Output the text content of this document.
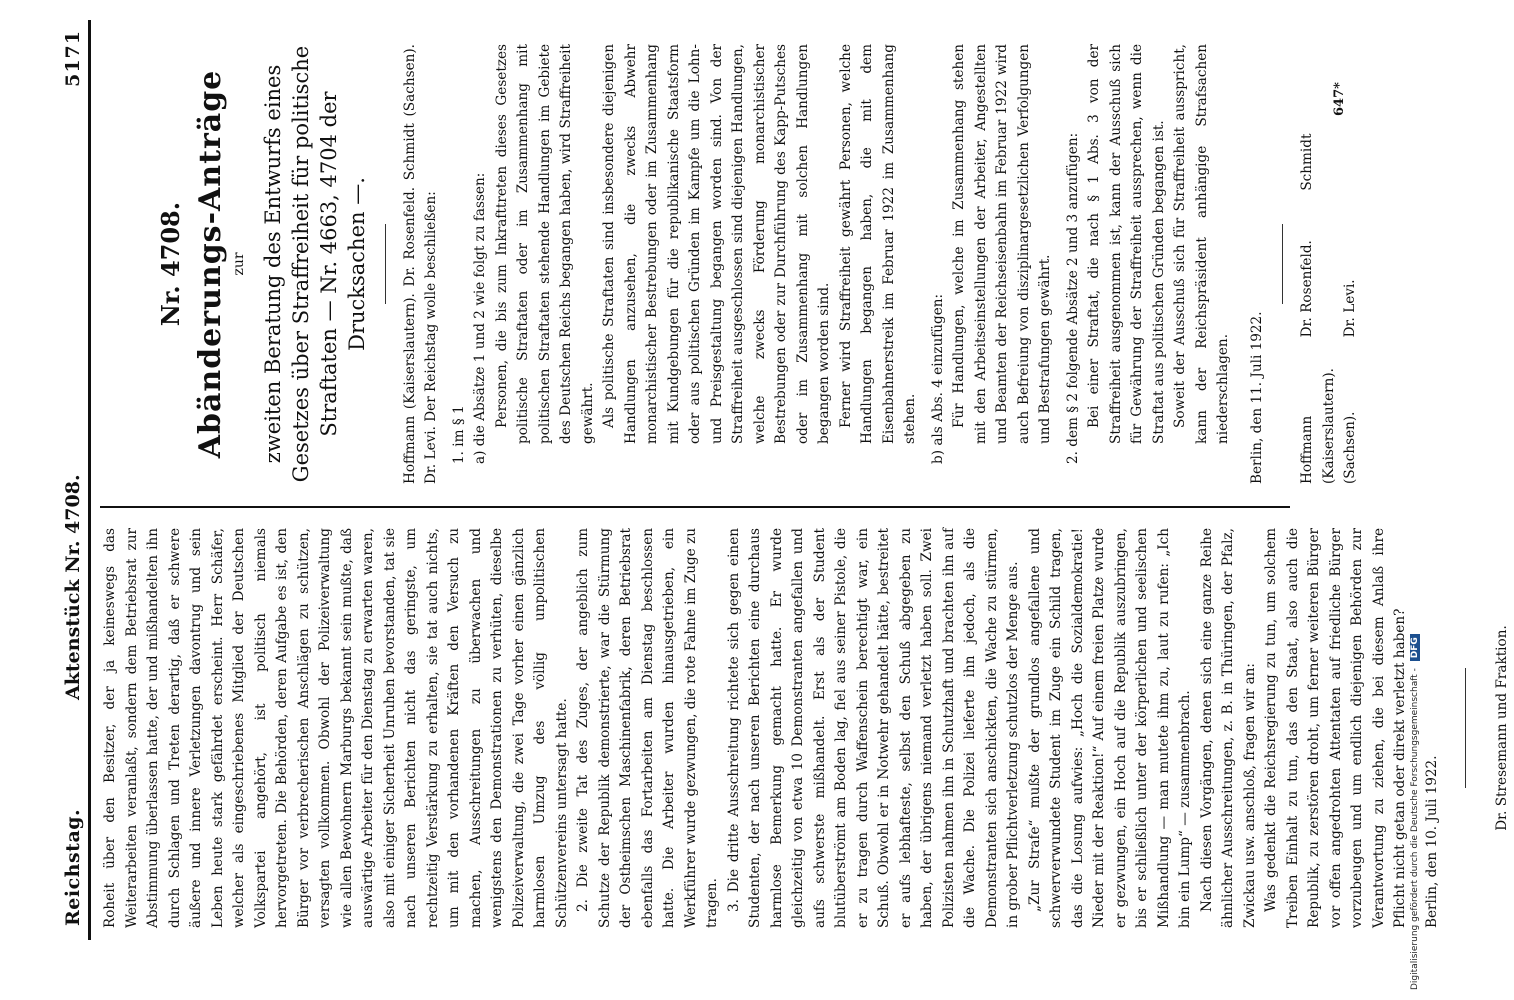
Reichstag.
Aktenstück Nr. 4708.
5171

Roheit über den Besitzer, der ja keineswegs das Weiterarbeiten veranlaßt, sondern dem Betriebsrat zur Abstimmung überlassen hatte, der und mißhandelten ihn durch Schlagen und Treten derartig, daß er schwere äußere und innere Verletzungen davontrug und sein Leben heute stark gefährdet erscheint. Herr Schäfer, welcher als eingeschriebenes Mitglied der Deutschen Volkspartei angehört, ist politisch niemals hervorgetreten. Die Behörden, deren Aufgabe es ist, den Bürger vor verbrecherischen Anschlägen zu schützen, versagten vollkommen. Obwohl der Polizeiverwaltung wie allen Bewohnern Marburgs bekannt sein mußte, daß auswärtige Arbeiter für den Dienstag zu erwarten waren, also mit einiger Sicherheit Unruhen bevorstanden, tat sie nach unseren Berichten nicht das geringste, um rechtzeitig Verstärkung zu erhalten, sie tat auch nichts, um mit den vorhandenen Kräften den Versuch zu machen, Ausschreitungen zu überwachen und wenigstens den Demonstrationen zu verhüten, dieselbe Polizeiverwaltung, die zwei Tage vorher einen gänzlich harmlosen Umzug des völlig unpolitischen Schützenvereins untersagt hatte. 2. Die zweite Tat des Zuges, der angeblich zum Schutze der Republik demonstrierte, war die Stürmung der Ostheimschen Maschinenfabrik, deren Betriebsrat ebenfalls das Fortarbeiten am Dienstag beschlossen hatte. Die Arbeiter wurden hinausgetrieben, ein Werkführer wurde gezwungen, die rote Fahne im Zuge zu tragen. 3. Die dritte Ausschreitung richtete sich gegen einen Studenten, der nach unseren Berichten eine durchaus harmlose Bemerkung gemacht hatte. Er wurde gleichzeitig von etwa 10 Demonstranten angefallen und aufs schwerste mißhandelt. Erst als der Student blutüberströmt am Boden lag, fiel aus seiner Pistole, die er zu tragen durch Waffenschein berechtigt war, ein Schuß. Obwohl er in Notwehr gehandelt hätte, bestreitet er aufs lebhafteste, selbst den Schuß abgegeben zu haben, der übrigens niemand verletzt haben soll. Zwei Polizisten nahmen ihn in Schutzhaft und brachten ihn auf die Wache. Die Polizei lieferte ihn jedoch, als die Demonstranten sich anschickten, die Wache zu stürmen, in grober Pflichtverletzung schutzlos der Menge aus. „Zur Strafe“ mußte der grundlos angefallene und schwerverwundete Student im Zuge ein Schild tragen, das die Losung aufwies: „Hoch die Sozialdemokratie! Nieder mit der Reaktion!“ Auf einem freien Platze wurde er gezwungen, ein Hoch auf die Republik auszubringen, bis er schließlich unter der körperlichen und seelischen Mißhandlung — man mutete ihm zu, laut zu rufen: „Ich bin ein Lump“ — zusammenbrach. Nach diesen Vorgängen, denen sich eine ganze Reihe ähnlicher Ausschreitungen, z. B. in Thüringen, der Pfalz, Zwickau usw. anschloß, fragen wir an: Was gedenkt die Reichsregierung zu tun, um solchem Treiben Einhalt zu tun, das den Staat, also auch die Republik, zu zerstören droht, um ferner weiteren Bürger vor offen angedrohten Attentaten auf friedliche Bürger vorzubeugen und um endlich diejenigen Behörden zur Verantwortung zu ziehen, die bei diesem Anlaß ihre Pflicht nicht getan oder direkt verletzt haben? Berlin, den 10. Juli 1922.

Dr. Stresemann und Fraktion.

Nr. 4708. Abänderungs-Anträge zur zweiten Beratung des Entwurfs eines Gesetzes über Straffreiheit für politische Straftaten — Nr. 4663, 4704 der Drucksachen —. Hoffmann (Kaiserslautern). Dr. Rosenfeld. Schmidt (Sachsen). Dr. Levi. Der Reichstag wolle beschließen: 1. im § 1 a) die Absätze 1 und 2 wie folgt zu fassen: Personen, die bis zum Inkrafttreten dieses Gesetzes politische Straftaten oder im Zusammenhang mit politischen Straftaten stehende Handlungen im Gebiete des Deutschen Reichs begangen haben, wird Straffreiheit gewährt. Als politische Straftaten sind insbesondere diejenigen Handlungen anzusehen, die zwecks Abwehr monarchistischer Bestrebungen oder im Zusammenhang mit Kundgebungen für die republikanische Staatsform oder aus politischen Gründen im Kampfe um die Lohn- und Preisgestaltung begangen worden sind. Von der Straffreiheit ausgeschlossen sind diejenigen Handlungen, welche zwecks Förderung monarchistischer Bestrebungen oder zur Durchführung des Kapp-Putsches oder im Zusammenhang mit solchen Handlungen begangen worden sind. Ferner wird Straffreiheit gewährt Personen, welche Handlungen begangen haben, die mit dem Eisenbahnerstreik im Februar 1922 im Zusammenhang stehen. b) als Abs. 4 einzufügen: Für Handlungen, welche im Zusammenhang stehen mit den Arbeitseinstellungen der Arbeiter, Angestellten und Beamten der Reichseisenbahn im Februar 1922 wird auch Befreiung von disziplinargesetzlichen Verfolgungen und Bestrafungen gewährt. 2. dem § 2 folgende Absätze 2 und 3 anzufügen: Bei einer Straftat, die nach § 1 Abs. 3 von der Straffreiheit ausgenommen ist, kann der Ausschuß sich für Gewährung der Straffreiheit aussprechen, wenn die Straftat aus politischen Gründen begangen ist. Soweit der Ausschuß sich für Straffreiheit ausspricht, kann der Reichspräsident anhängige Strafsachen niederschlagen. Berlin, den 11. Juli 1922.	Hoffmann (Kaiserslautern).
Dr. Rosenfeld.
Schmidt
(Sachsen).
Dr. Levi.
647*
Digitalisierung gefördert durch die Deutsche Forschungsgemeinschaft - DFG
